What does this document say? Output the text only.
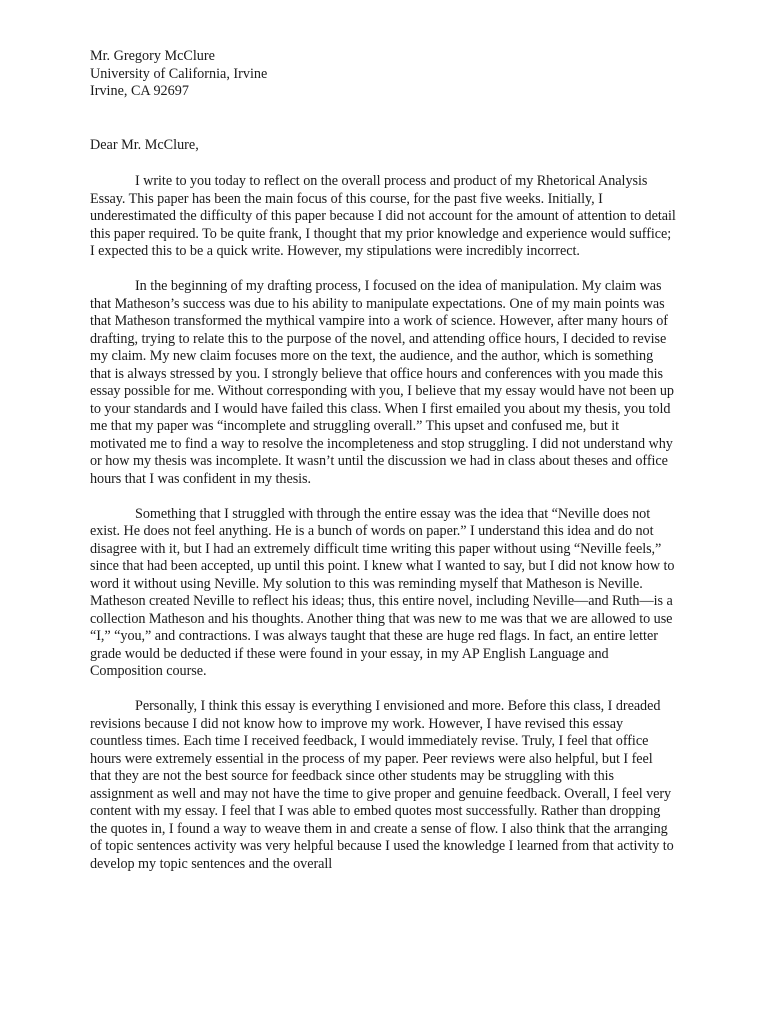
Mr. Gregory McClure
University of California, Irvine
Irvine, CA 92697
Dear Mr. McClure,

I write to you today to reflect on the overall process and product of my Rhetorical Analysis Essay. This paper has been the main focus of this course, for the past five weeks. Initially, I underestimated the difficulty of this paper because I did not account for the amount of attention to detail this paper required. To be quite frank, I thought that my prior knowledge and experience would suffice; I expected this to be a quick write. However, my stipulations were incredibly incorrect.

In the beginning of my drafting process, I focused on the idea of manipulation. My claim was that Matheson’s success was due to his ability to manipulate expectations. One of my main points was that Matheson transformed the mythical vampire into a work of science. However, after many hours of drafting, trying to relate this to the purpose of the novel, and attending office hours, I decided to revise my claim. My new claim focuses more on the text, the audience, and the author, which is something that is always stressed by you. I strongly believe that office hours and conferences with you made this essay possible for me. Without corresponding with you, I believe that my essay would have not been up to your standards and I would have failed this class. When I first emailed you about my thesis, you told me that my paper was “incomplete and struggling overall.” This upset and confused me, but it motivated me to find a way to resolve the incompleteness and stop struggling. I did not understand why or how my thesis was incomplete. It wasn’t until the discussion we had in class about theses and office hours that I was confident in my thesis.

Something that I struggled with through the entire essay was the idea that “Neville does not exist. He does not feel anything. He is a bunch of words on paper.” I understand this idea and do not disagree with it, but I had an extremely difficult time writing this paper without using “Neville feels,” since that had been accepted, up until this point. I knew what I wanted to say, but I did not know how to word it without using Neville. My solution to this was reminding myself that Matheson is Neville. Matheson created Neville to reflect his ideas; thus, this entire novel, including Neville—and Ruth—is a collection Matheson and his thoughts. Another thing that was new to me was that we are allowed to use “I,” “you,” and contractions. I was always taught that these are huge red flags. In fact, an entire letter grade would be deducted if these were found in your essay, in my AP English Language and Composition course.

Personally, I think this essay is everything I envisioned and more. Before this class, I dreaded revisions because I did not know how to improve my work. However, I have revised this essay countless times. Each time I received feedback, I would immediately revise. Truly, I feel that office hours were extremely essential in the process of my paper. Peer reviews were also helpful, but I feel that they are not the best source for feedback since other students may be struggling with this assignment as well and may not have the time to give proper and genuine feedback. Overall, I feel very content with my essay. I feel that I was able to embed quotes most successfully. Rather than dropping the quotes in, I found a way to weave them in and create a sense of flow. I also think that the arranging of topic sentences activity was very helpful because I used the knowledge I learned from that activity to develop my topic sentences and the overall
